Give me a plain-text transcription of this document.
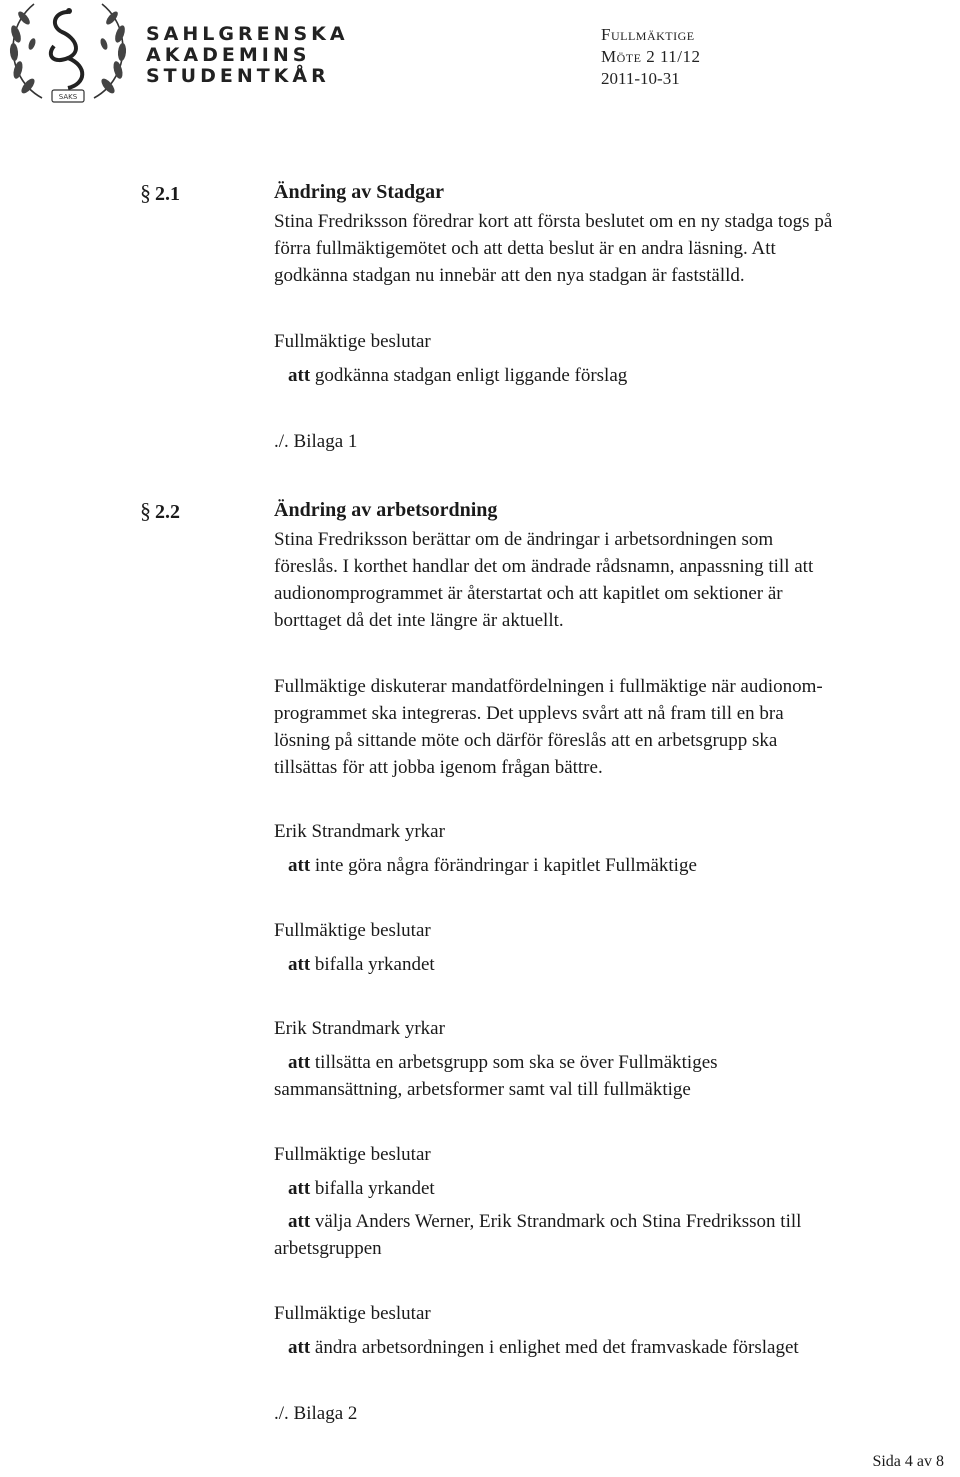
SAKS
SAHLGRENSKA
AKADEMINS
STUDENTKÅR
Fullmäktige
Möte 2 11/12
2011-10-31
§ 2.1	Ändring av Stadgar
Stina Fredriksson föredrar kort att första beslutet om en ny stadga togs på
förra fullmäktigemötet och att detta beslut är en andra läsning. Att
godkänna stadgan nu innebär att den nya stadgan är fastställd.
Fullmäktige beslutar
att godkänna stadgan enligt liggande förslag
./. Bilaga 1
§ 2.2	Ändring av arbetsordning
Stina Fredriksson berättar om de ändringar i arbetsordningen som
föreslås. I korthet handlar det om ändrade rådsnamn, anpassning till att
audionomprogrammet är återstartat och att kapitlet om sektioner är
borttaget då det inte längre är aktuellt.
Fullmäktige diskuterar mandatfördelningen i fullmäktige när audionom-
programmet ska integreras. Det upplevs svårt att nå fram till en bra
lösning på sittande möte och därför föreslås att en arbetsgrupp ska
tillsättas för att jobba igenom frågan bättre.
Erik Strandmark yrkar
att inte göra några förändringar i kapitlet Fullmäktige
Fullmäktige beslutar
att bifalla yrkandet
Erik Strandmark yrkar
att tillsätta en arbetsgrupp som ska se över Fullmäktiges
sammansättning, arbetsformer samt val till fullmäktige
Fullmäktige beslutar
att bifalla yrkandet
att välja Anders Werner, Erik Strandmark och Stina Fredriksson till
arbetsgruppen
Fullmäktige beslutar
att ändra arbetsordningen i enlighet med det framvaskade förslaget
./. Bilaga 2
Sida 4 av 8
